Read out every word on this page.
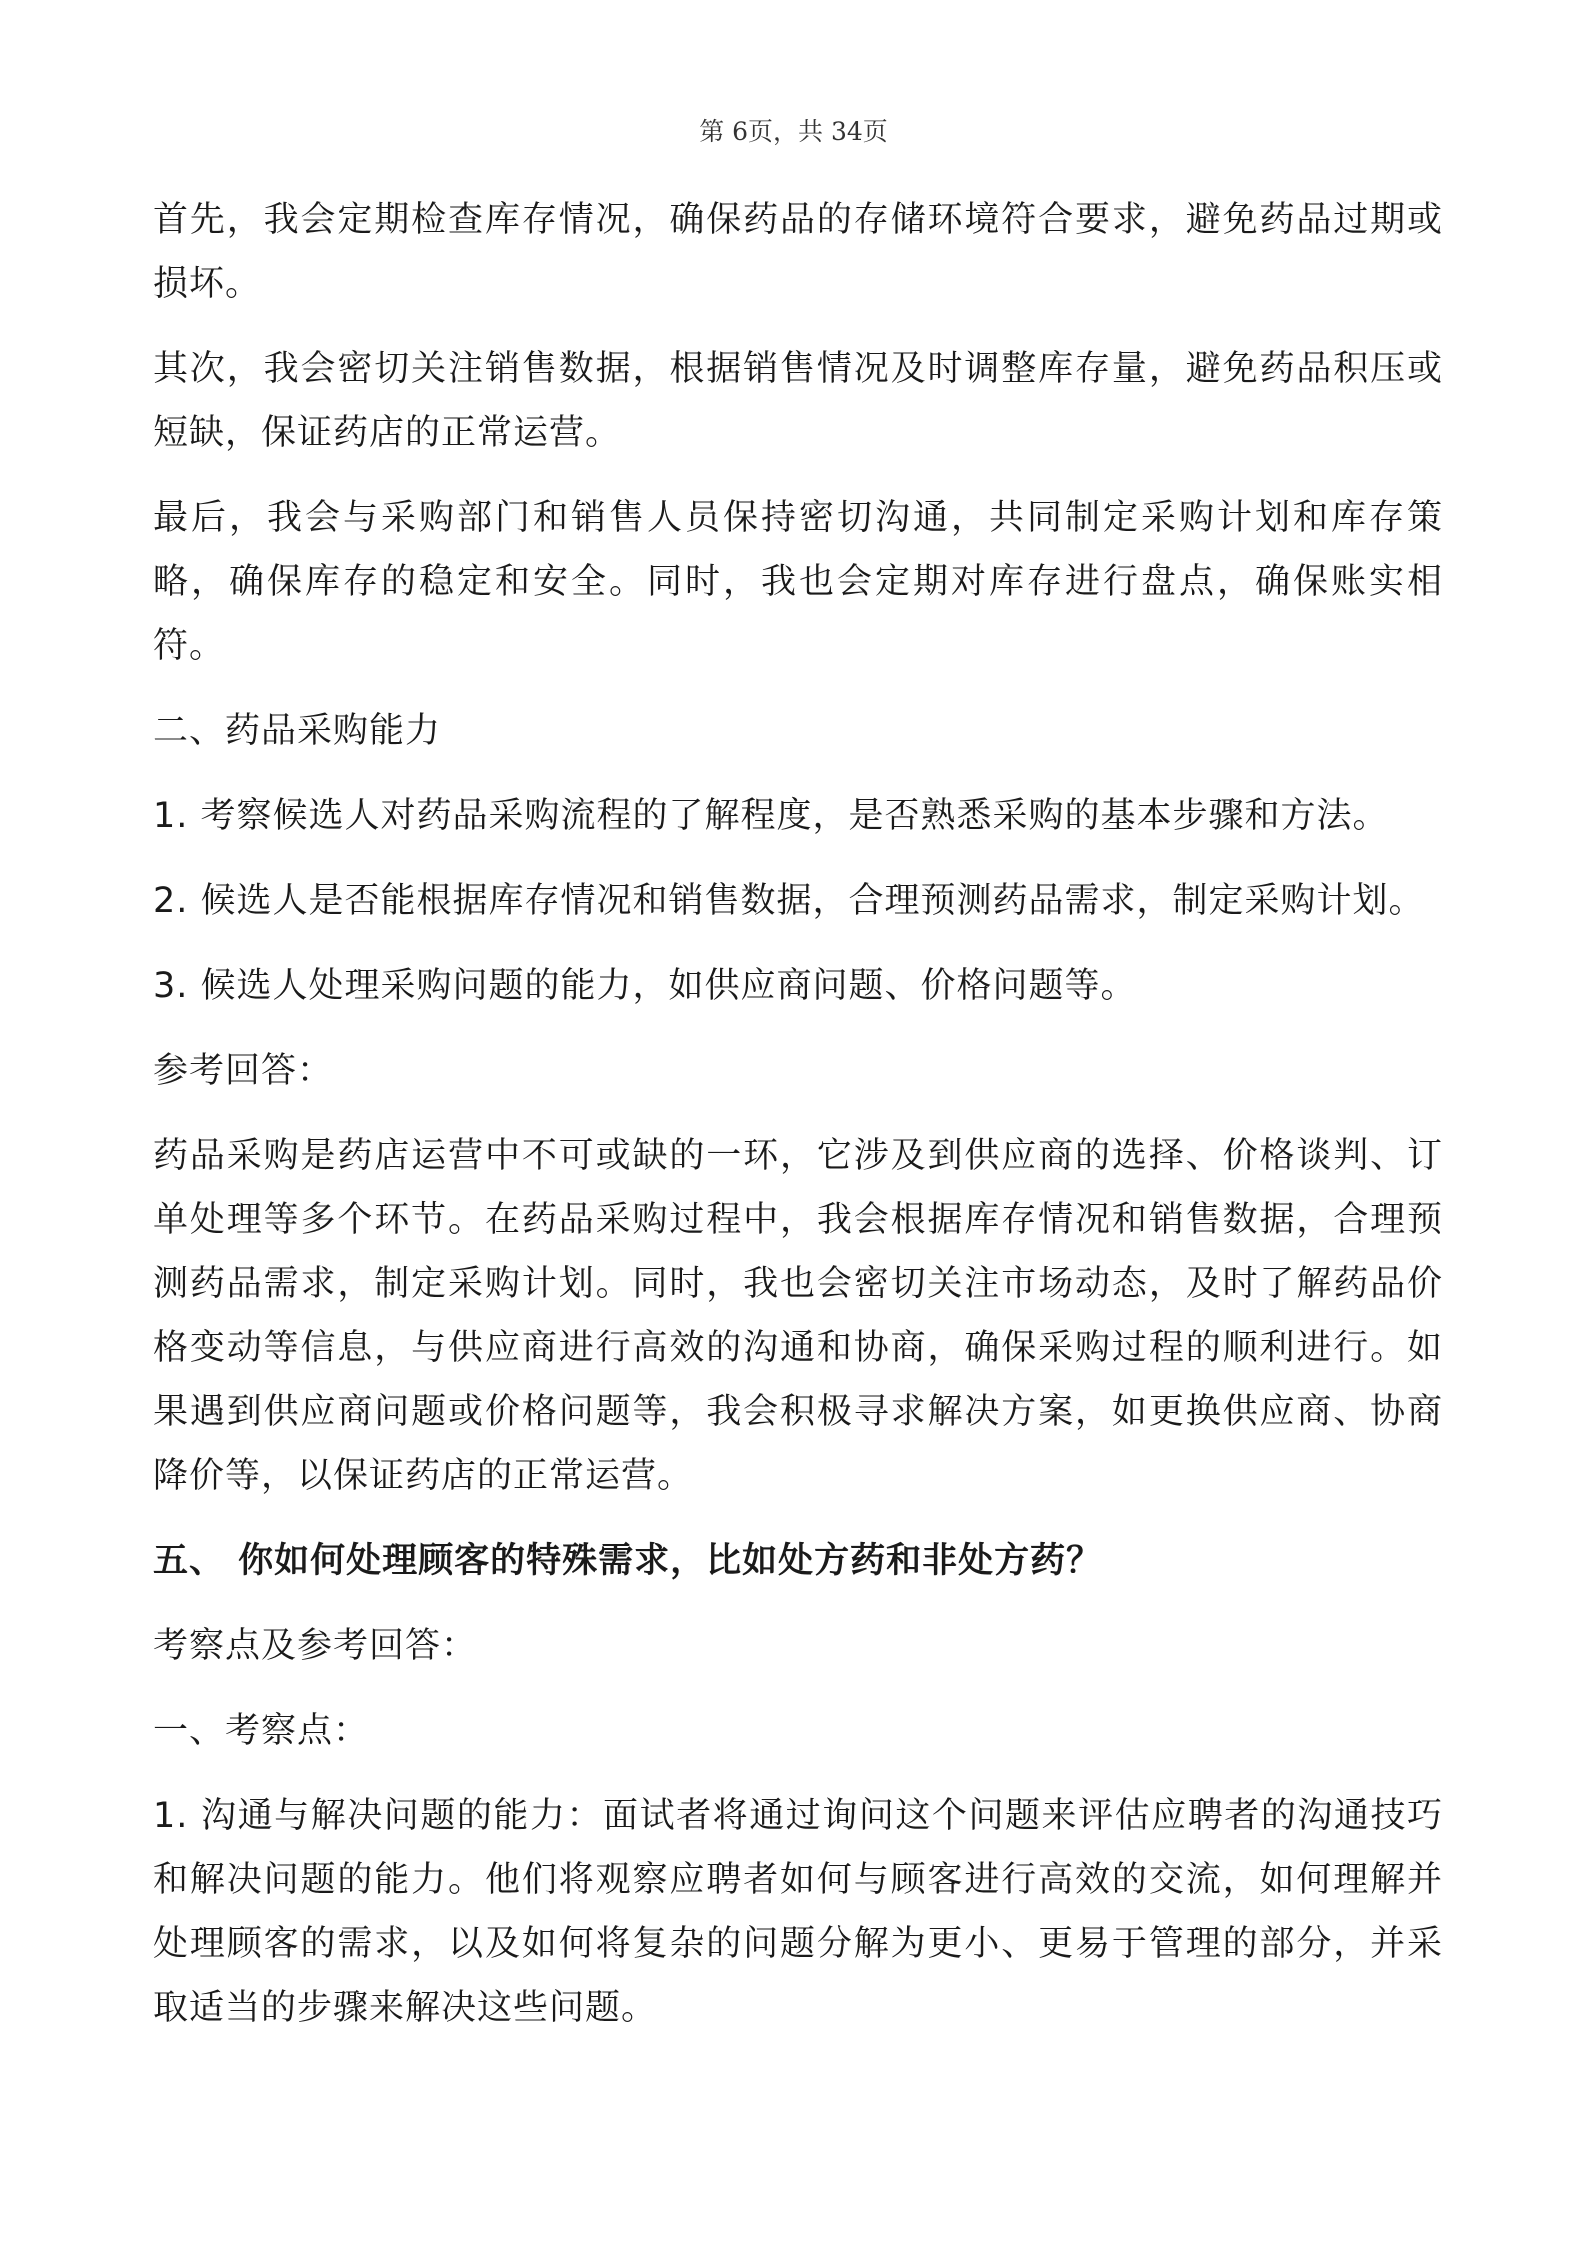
第 6页，共 34页

首先，我会定期检查库存情况，确保药品的存储环境符合要求，避免药品过期或损坏。

其次，我会密切关注销售数据，根据销售情况及时调整库存量，避免药品积压或短缺，保证药店的正常运营。

最后，我会与采购部门和销售人员保持密切沟通，共同制定采购计划和库存策略，确保库存的稳定和安全。同时，我也会定期对库存进行盘点，确保账实相符。

二、药品采购能力

1. 考察候选人对药品采购流程的了解程度，是否熟悉采购的基本步骤和方法。

2. 候选人是否能根据库存情况和销售数据，合理预测药品需求，制定采购计划。

3. 候选人处理采购问题的能力，如供应商问题、价格问题等。

参考回答：

药品采购是药店运营中不可或缺的一环，它涉及到供应商的选择、价格谈判、订单处理等多个环节。在药品采购过程中，我会根据库存情况和销售数据，合理预测药品需求，制定采购计划。同时，我也会密切关注市场动态，及时了解药品价格变动等信息，与供应商进行高效的沟通和协商，确保采购过程的顺利进行。如果遇到供应商问题或价格问题等，我会积极寻求解决方案，如更换供应商、协商降价等，以保证药店的正常运营。

五、 你如何处理顾客的特殊需求，比如处方药和非处方药？

考察点及参考回答：

一、考察点：

1. 沟通与解决问题的能力：面试者将通过询问这个问题来评估应聘者的沟通技巧和解决问题的能力。他们将观察应聘者如何与顾客进行高效的交流，如何理解并处理顾客的需求，以及如何将复杂的问题分解为更小、更易于管理的部分，并采取适当的步骤来解决这些问题。
